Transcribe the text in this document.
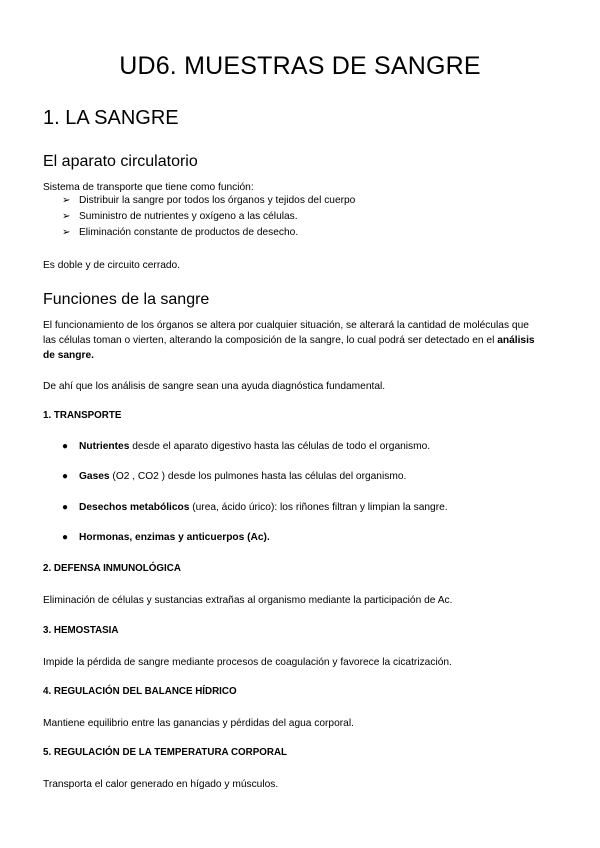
UD6. MUESTRAS DE SANGRE
1. LA SANGRE
El aparato circulatorio
Sistema de transporte que tiene como función:
➢ Distribuir la sangre por todos los órganos y tejidos del cuerpo
➢ Suministro de nutrientes y oxígeno a las células.
➢ Eliminación constante de productos de desecho.
Es doble y de circuito cerrado.
Funciones de la sangre
El funcionamiento de los órganos se altera por cualquier situación, se alterará la cantidad de moléculas que
las células toman o vierten, alterando la composición de la sangre, lo cual podrá ser detectado en el análisis
de sangre.
De ahí que los análisis de sangre sean una ayuda diagnóstica fundamental.
1. TRANSPORTE
● Nutrientes desde el aparato digestivo hasta las células de todo el organismo.
● Gases (O2 , CO2 ) desde los pulmones hasta las células del organismo.
● Desechos metabólicos (urea, ácido úrico): los riñones filtran y limpian la sangre.
● Hormonas, enzimas y anticuerpos (Ac).
2. DEFENSA INMUNOLÓGICA
Eliminación de células y sustancias extrañas al organismo mediante la participación de Ac.
3. HEMOSTASIA
Impide la pérdida de sangre mediante procesos de coagulación y favorece la cicatrización.
4. REGULACIÓN DEL BALANCE HÍDRICO
Mantiene equilibrio entre las ganancias y pérdidas del agua corporal.
5. REGULACIÓN DE LA TEMPERATURA CORPORAL
Transporta el calor generado en hígado y músculos.
